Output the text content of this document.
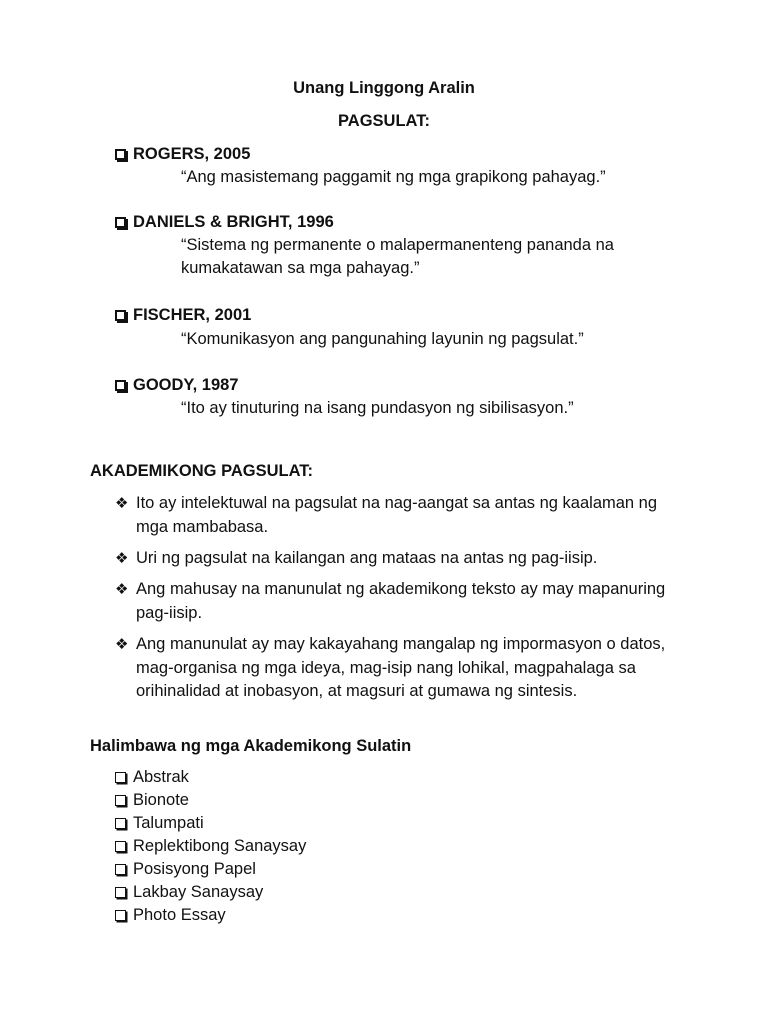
Unang Linggong Aralin
PAGSULAT:
ROGERS, 2005
“Ang masistemang paggamit ng mga grapikong pahayag.”
DANIELS & BRIGHT, 1996
“Sistema ng permanente o malapermanenteng pananda na kumakatawan sa mga pahayag.”
FISCHER, 2001
“Komunikasyon ang pangunahing layunin ng pagsulat.”
GOODY, 1987
“Ito ay tinuturing na isang pundasyon ng sibilisasyon.”
AKADEMIKONG PAGSULAT:
❖ Ito ay intelektuwal na pagsulat na nag-aangat sa antas ng kaalaman ng mga mambabasa.
❖ Uri ng pagsulat na kailangan ang mataas na antas ng pag-iisip.
❖ Ang mahusay na manunulat ng akademikong teksto ay may mapanuring pag-iisip.
❖ Ang manunulat ay may kakayahang mangalap ng impormasyon o datos, mag-organisa ng mga ideya, mag-isip nang lohikal, magpahalaga sa orihinalidad at inobasyon, at magsuri at gumawa ng sintesis.
Halimbawa ng mga Akademikong Sulatin
Abstrak
Bionote
Talumpati
Replektibong Sanaysay
Posisyong Papel
Lakbay Sanaysay
Photo Essay
